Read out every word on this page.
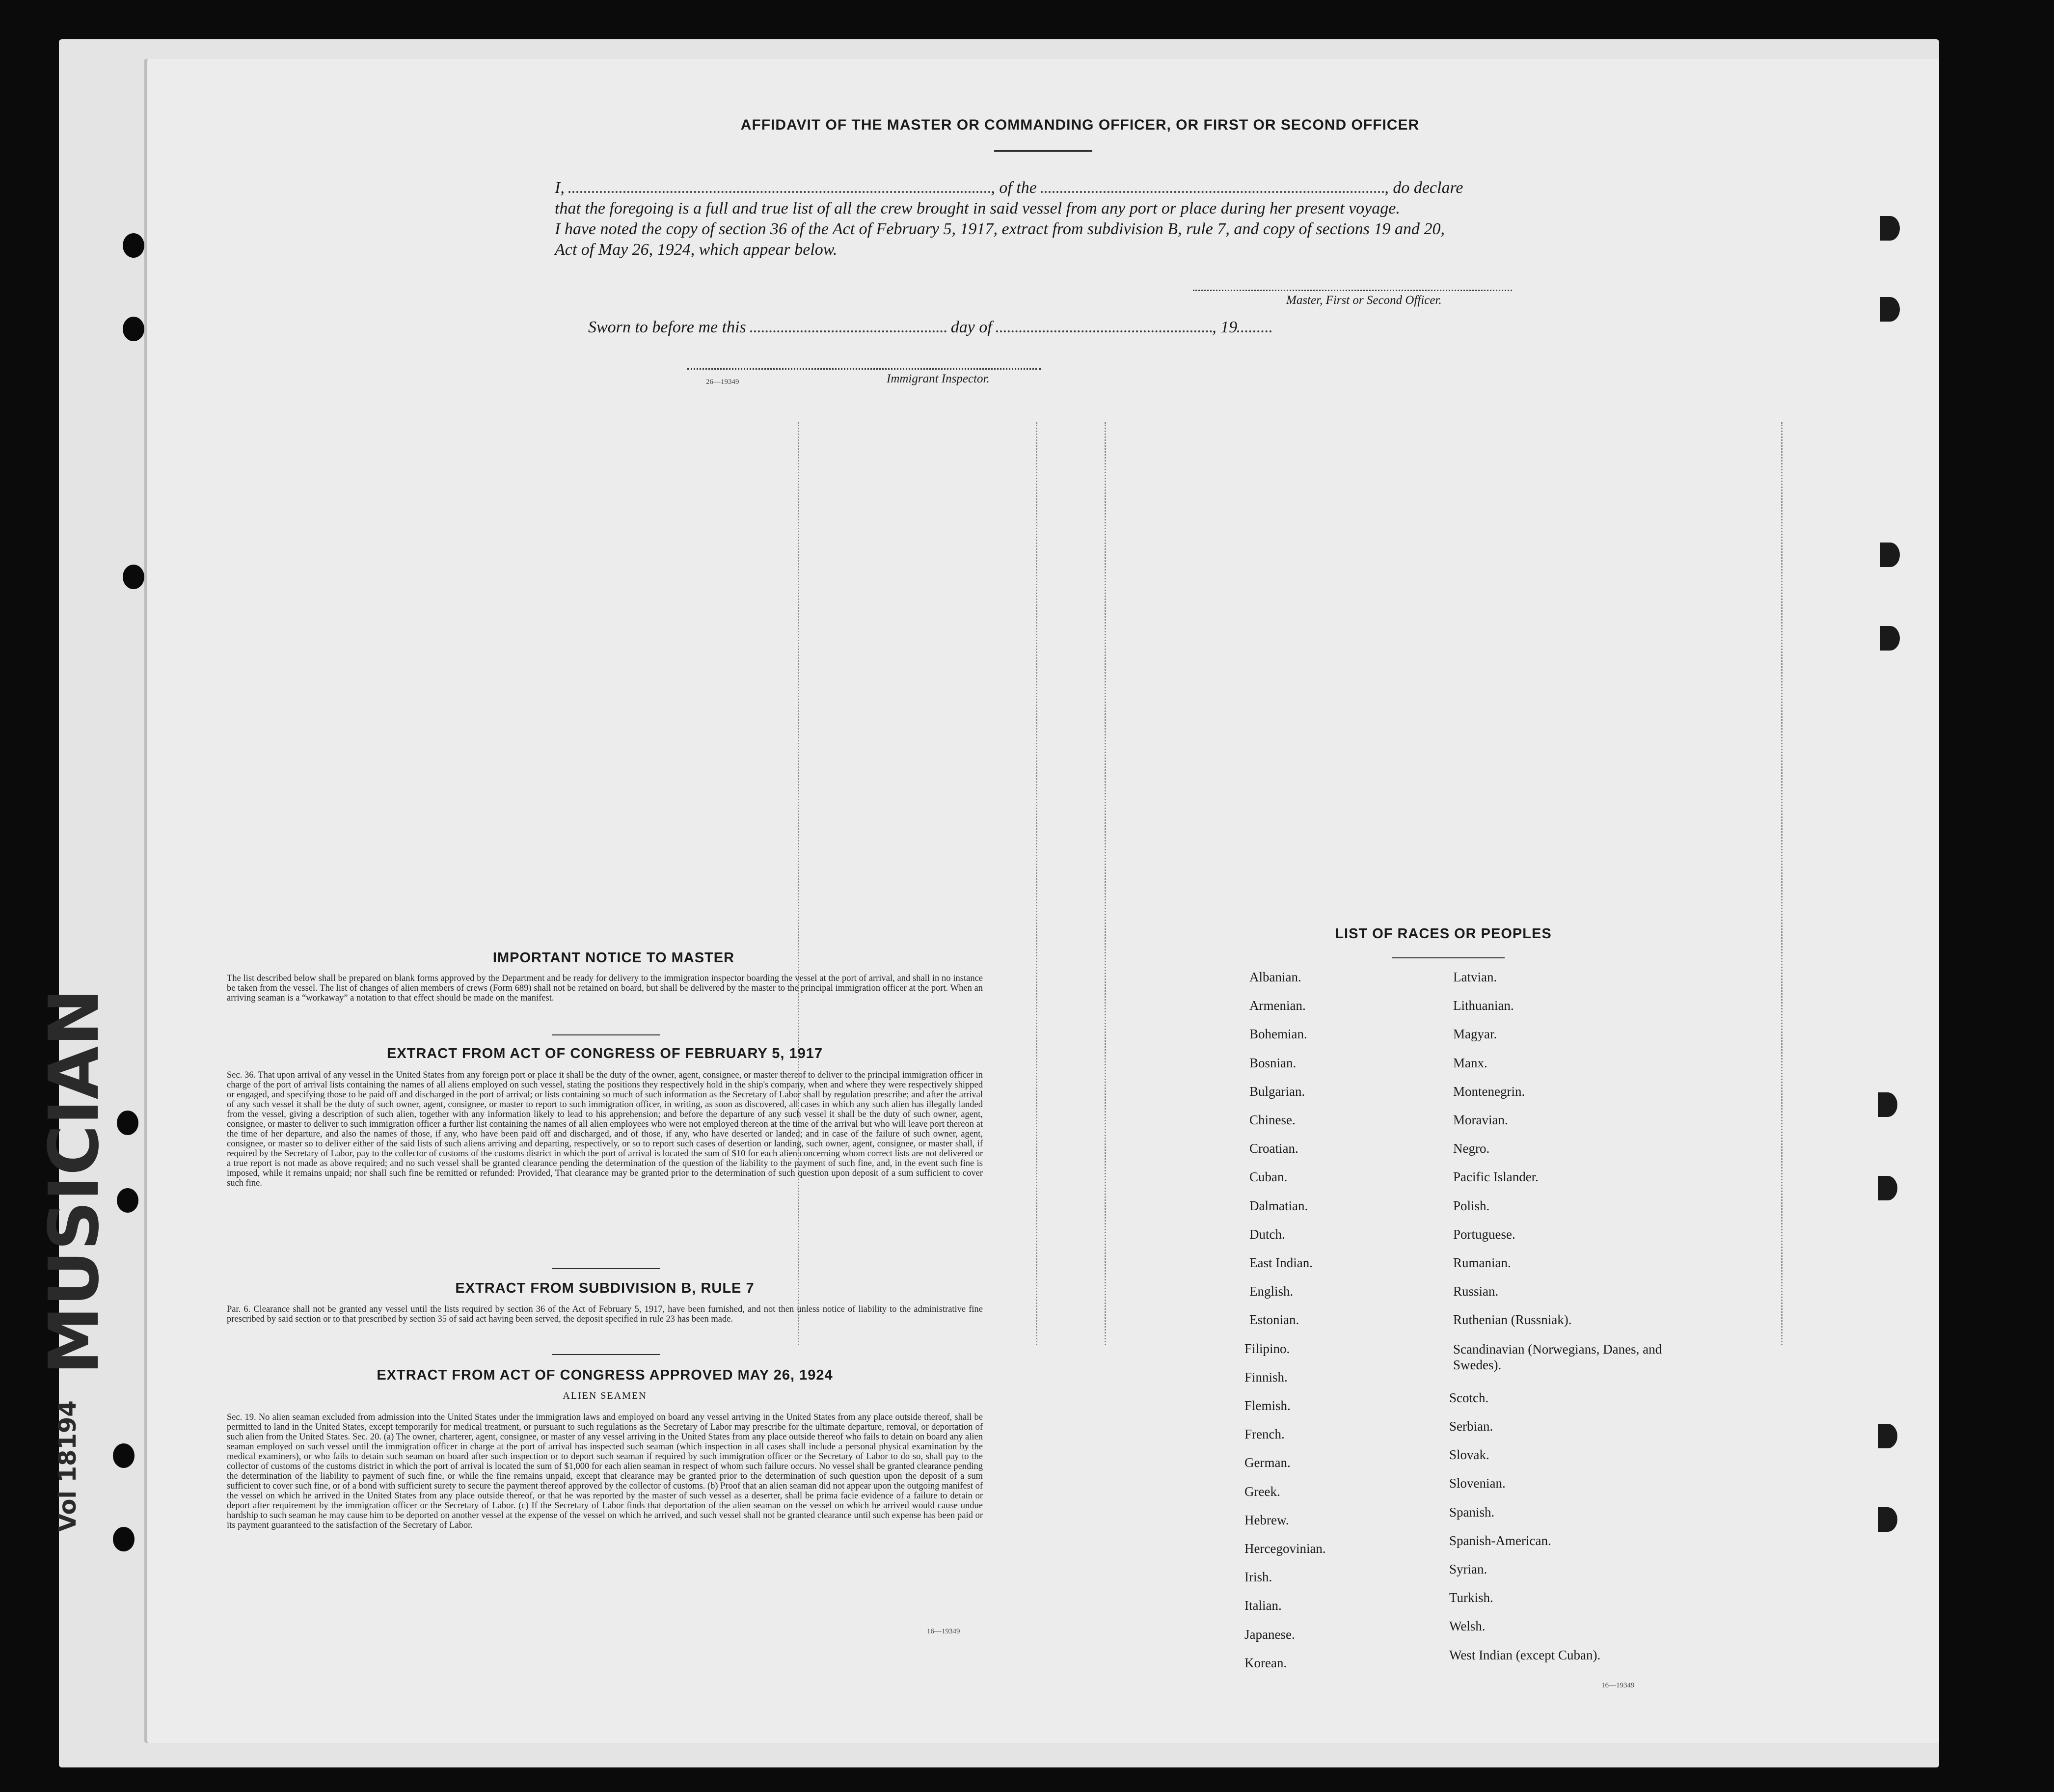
MUSICIAN
Vol 18194
AFFIDAVIT OF THE MASTER OR COMMANDING OFFICER, OR FIRST OR SECOND OFFICER
I,	, of the	, do declare
that the foregoing is a full and true list of all the crew brought in said vessel from any port or place during her present voyage.
I have noted the copy of section 36 of the Act of February 5, 1917, extract from subdivision B, rule 7, and copy of sections 19 and 20,
Act of May 26, 1924, which appear below.
Master, First or Second Officer.
Sworn to before me this	day of	, 19
26—19349	Immigrant Inspector.
IMPORTANT NOTICE TO MASTER
The list described below shall be prepared on blank forms approved by the Department and be ready for delivery to the immigration inspector boarding the vessel at the port of arrival, and shall in no instance be taken from the vessel. The list of changes of alien members of crews (Form 689) shall not be retained on board, but shall be delivered by the master to the principal immigration officer at the port. When an arriving seaman is a “workaway” a notation to that effect should be made on the manifest.
EXTRACT FROM ACT OF CONGRESS OF FEBRUARY 5, 1917
Sec. 36. That upon arrival of any vessel in the United States from any foreign port or place it shall be the duty of the owner, agent, consignee, or master thereof to deliver to the principal immigration officer in charge of the port of arrival lists containing the names of all aliens employed on such vessel, stating the positions they respectively hold in the ship's company, when and where they were respectively shipped or engaged, and specifying those to be paid off and discharged in the port of arrival; or lists containing so much of such information as the Secretary of Labor shall by regulation prescribe; and after the arrival of any such vessel it shall be the duty of such owner, agent, consignee, or master to report to such immigration officer, in writing, as soon as discovered, all cases in which any such alien has illegally landed from the vessel, giving a description of such alien, together with any information likely to lead to his apprehension; and before the departure of any such vessel it shall be the duty of such owner, agent, consignee, or master to deliver to such immigration officer a further list containing the names of all alien employees who were not employed thereon at the time of the arrival but who will leave port thereon at the time of her departure, and also the names of those, if any, who have been paid off and discharged, and of those, if any, who have deserted or landed; and in case of the failure of such owner, agent, consignee, or master so to deliver either of the said lists of such aliens arriving and departing, respectively, or so to report such cases of desertion or landing, such owner, agent, consignee, or master shall, if required by the Secretary of Labor, pay to the collector of customs of the customs district in which the port of arrival is located the sum of $10 for each alien concerning whom correct lists are not delivered or a true report is not made as above required; and no such vessel shall be granted clearance pending the determination of the question of the liability to the payment of such fine, and, in the event such fine is imposed, while it remains unpaid; nor shall such fine be remitted or refunded: Provided, That clearance may be granted prior to the determination of such question upon deposit of a sum sufficient to cover such fine.
EXTRACT FROM SUBDIVISION B, RULE 7
Par. 6. Clearance shall not be granted any vessel until the lists required by section 36 of the Act of February 5, 1917, have been furnished, and not then unless notice of liability to the administrative fine prescribed by said section or to that prescribed by section 35 of said act having been served, the deposit specified in rule 23 has been made.
EXTRACT FROM ACT OF CONGRESS APPROVED MAY 26, 1924
ALIEN SEAMEN
Sec. 19. No alien seaman excluded from admission into the United States under the immigration laws and employed on board any vessel arriving in the United States from any place outside thereof, shall be permitted to land in the United States, except temporarily for medical treatment, or pursuant to such regulations as the Secretary of Labor may prescribe for the ultimate departure, removal, or deportation of such alien from the United States. Sec. 20. (a) The owner, charterer, agent, consignee, or master of any vessel arriving in the United States from any place outside thereof who fails to detain on board any alien seaman employed on such vessel until the immigration officer in charge at the port of arrival has inspected such seaman (which inspection in all cases shall include a personal physical examination by the medical examiners), or who fails to detain such seaman on board after such inspection or to deport such seaman if required by such immigration officer or the Secretary of Labor to do so, shall pay to the collector of customs of the customs district in which the port of arrival is located the sum of $1,000 for each alien seaman in respect of whom such failure occurs. No vessel shall be granted clearance pending the determination of the liability to payment of such fine, or while the fine remains unpaid, except that clearance may be granted prior to the determination of such question upon the deposit of a sum sufficient to cover such fine, or of a bond with sufficient surety to secure the payment thereof approved by the collector of customs. (b) Proof that an alien seaman did not appear upon the outgoing manifest of the vessel on which he arrived in the United States from any place outside thereof, or that he was reported by the master of such vessel as a deserter, shall be prima facie evidence of a failure to detain or deport after requirement by the immigration officer or the Secretary of Labor. (c) If the Secretary of Labor finds that deportation of the alien seaman on the vessel on which he arrived would cause undue hardship to such seaman he may cause him to be deported on another vessel at the expense of the vessel on which he arrived, and such vessel shall not be granted clearance until such expense has been paid or its payment guaranteed to the satisfaction of the Secretary of Labor.
16—19349
LIST OF RACES OR PEOPLES
Albanian.
Armenian.
Bohemian.
Bosnian.
Bulgarian.
Chinese.
Croatian.
Cuban.
Dalmatian.
Dutch.
East Indian.
English.
Estonian.
Filipino.
Finnish.
Flemish.
French.
German.
Greek.
Hebrew.
Hercegovinian.
Irish.
Italian.
Japanese.
Korean.
Latvian.
Lithuanian.
Magyar.
Manx.
Montenegrin.
Moravian.
Negro.
Pacific Islander.
Polish.
Portuguese.
Rumanian.
Russian.
Ruthenian (Russniak).
Scandinavian (Norwegians, Danes, and Swedes).
Scotch.
Serbian.
Slovak.
Slovenian.
Spanish.
Spanish-American.
Syrian.
Turkish.
Welsh.
West Indian (except Cuban).
16—19349
